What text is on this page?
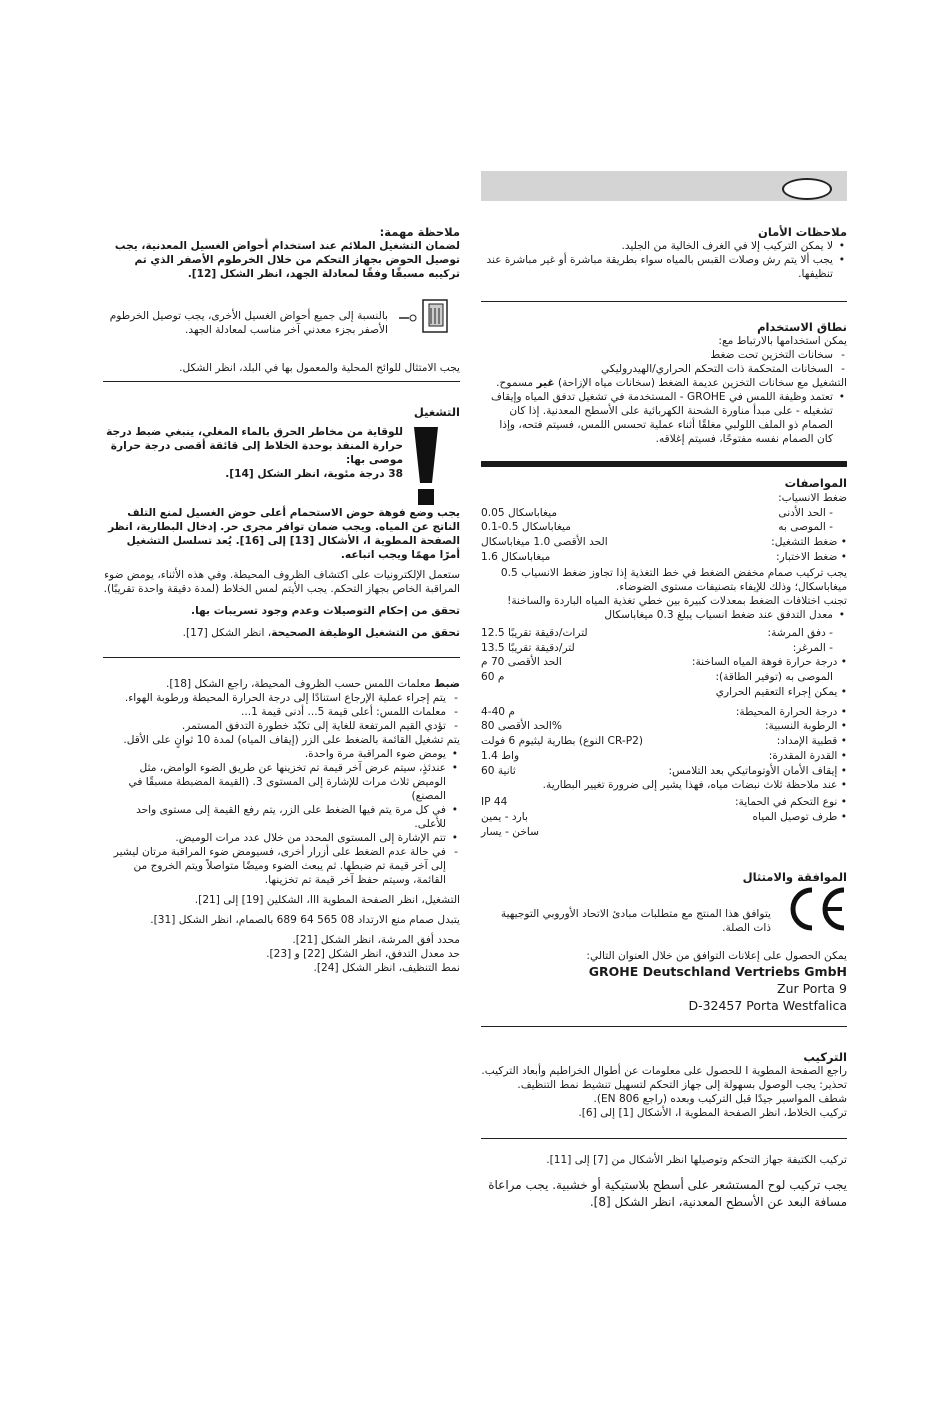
ملاحظات الأمان

• لا يمكن التركيب إلا في الغرف الخالية من الجليد.
• يجب ألا يتم رش وصلات القبس بالمياه سواء بطريقة مباشرة أو غير مباشرة عند تنظيفها.

نطاق الاستخدام

يمكن استخدامها بالارتباط مع:

- سخانات التخزين تحت ضغط
- السخانات المتحكمة ذات التحكم الحراري/الهيدروليكي

التشغيل مع سخانات التخزين عديمة الضغط (سخانات مياه الإزاحة) غير مسموح.

• تعتمد وظيفة اللمس في GROHE - المستخدمة في تشغيل تدفق المياه وإيقاف تشغيله - على مبدأ مناورة الشحنة الكهربائية على الأسطح المعدنية. إذا كان الصمام ذو الملف اللولبي مغلقًا أثناء عملية تحسس اللمس، فسيتم فتحه، وإذا كان الصمام نفسه مفتوحًا، فسيتم إغلاقه.

المواصفات

ضغط الانسياب:
- الحد الأدنى
0.05 ميغاباسكال
- الموصى به
0.1-0.5 ميغاباسكال
• ضغط التشغيل:
الحد الأقصى 1.0 ميغاباسكال
• ضغط الاختبار:
1.6 ميغاباسكال

يجب تركيب صمام مخفض الضغط في خط التغذية إذا تجاوز ضغط الانسياب 0.5 ميغاباسكال؛ وذلك للإيفاء بتصنيفات مستوى الضوضاء.

تجنب اختلافات الضغط بمعدلات كبيرة بين خطي تغذية المياه الباردة والساخنة!

• معدل التدفق عند ضغط انسياب يبلغ 0.3 ميغاباسكال
- دفق المرشة:
12.5 لترات/دقيقة تقريبًا
- المرغر:
13.5 لتر/دقيقة تقريبًا
• درجة حرارة فوهة المياه الساخنة:
الحد الأقصى 70 م
الموصى به (توفير الطاقة):
60 م
• يمكن إجراء التعقيم الحراري
• درجة الحرارة المحيطة:
4-40 م
• الرطوبة النسبية:
الحد الأقصى 80%
• قطبية الإمداد:
بطارية ليثيوم 6 فولت (النوع CR-P2)
• القدرة المقدرة:
1.4 واط
• إيقاف الأمان الأوتوماتيكي بعد التلامس:
60 ثانية
• عند ملاحظة ثلاث نبضات مياه، فهذا يشير إلى ضرورة تغيير البطارية.
• نوع التحكم في الحماية:
IP 44
• طرف توصيل المياه
بارد - يمين
ساخن - يسار

الموافقة والامتثال

يتوافق هذا المنتج مع متطلبات مبادئ الاتحاد الأوروبي التوجيهية ذات الصلة.

يمكن الحصول على إعلانات التوافق من خلال العنوان التالي:

GROHE Deutschland Vertriebs GmbH

Zur Porta 9

D-32457 Porta Westfalica

التركيب

راجع الصفحة المطوية I للحصول على معلومات عن أطوال الخراطيم وأبعاد التركيب.

تحذير: يجب الوصول بسهولة إلى جهاز التحكم لتسهيل تنشيط نمط التنظيف.

شطف المواسير جيدًا قبل التركيب وبعده (راجع EN 806).

تركيب الخلاط، انظر الصفحة المطوية I، الأشكال [1] إلى [6].

تركيب الكتيفة جهاز التحكم وتوصيلها انظر الأشكال من [7] إلى [11].

يجب تركيب لوح المستشعر على أسطح بلاستيكية أو خشبية. يجب مراعاة مسافة البعد عن الأسطح المعدنية، انظر الشكل [8].

ملاحظة مهمة:

لضمان التشغيل الملائم عند استخدام أحواض الغسيل المعدنية، يجب توصيل الحوض بجهاز التحكم من خلال الخرطوم الأصفر الذي تم تركيبه مسبقًا وفقًا لمعادلة الجهد، انظر الشكل [12].

بالنسبة إلى جميع أحواض الغسيل الأخرى، يجب توصيل الخرطوم الأصفر بجزء معدني آخر مناسب لمعادلة الجهد.

يجب الامتثال للوائح المحلية والمعمول بها في البلد، انظر الشكل.

التشغيل

للوقاية من مخاطر الحرق بالماء المغلي، ينبغي ضبط درجة حرارة المنفذ بوحدة الخلاط إلى قائقة أقصى درجة حرارة موصى بها:

38 درجة مئوية، انظر الشكل [14].

يجب وضع فوهة حوض الاستحمام أعلى حوض الغسيل لمنع التلف الناتج عن المياه. ويجب ضمان توافر مجرى حر. إدخال البطارية، انظر الصفحة المطوية I، الأشكال [13] إلى [16]. يُعد تسلسل التشغيل أمرًا مهمًا ويجب اتباعه.

ستعمل الإلكترونيات على اكتشاف الظروف المحيطة. وفي هذه الأثناء، يومض ضوء المراقبة الخاص بجهاز التحكم. يجب الأيتم لمس الخلاط (لمدة دقيقة واحدة تقريبًا).

تحقق من إحكام التوصيلات وعدم وجود تسريبات بها.

تحقق من التشغيل الوظيفة الصحيحة، انظر الشكل [17].

ضبط معلمات اللمس حسب الظروف المحيطة، راجع الشكل [18].

- يتم إجراء عملية الإرجاع استنادًا إلى درجة الحرارة المحيطة ورطوبة الهواء.
- معلمات اللمس: أعلى قيمة 5... أدنى قيمة 1...
- تؤدي القيم المرتفعة للغاية إلى تكبّد خطورة التدفق المستمر.

يتم تشغيل القائمة بالضغط على الزر (إيقاف المياه) لمدة 10 ثوانٍ على الأقل.

• يومض ضوء المراقبة مرة واحدة.
• عندئذٍ، سيتم عرض آخر قيمة تم تخزينها عن طريق الضوء الوامض، مثل الوميض ثلاث مرات للإشارة إلى المستوى 3. (القيمة المضبطة مسبقًا في المصنع)
• في كل مرة يتم فيها الضغط على الزر، يتم رفع القيمة إلى مستوى واحد للأعلى.
• تتم الإشارة إلى المستوى المحدد من خلال عدد مرات الوميض.
- في حالة عدم الضغط على أزرار أخرى، فسيومض ضوء المراقبة مرتان ليشير إلى آخر قيمة تم ضبطها. ثم يبعث الضوء وميضًا متواصلاً ويتم الخروج من القائمة، وسيتم حفظ آخر قيمة تم تخزينها.

التشغيل، انظر الصفحة المطوية III، الشكلين [19] إلى [21].

يتبدل صمام منع الارتداد 08 565 64 689 بالصمام، انظر الشكل [31].

محدد أفق المرشة، انظر الشكل [21].

حد معدل التدفق، انظر الشكل [22] و [23].

نمط التنظيف، انظر الشكل [24].
